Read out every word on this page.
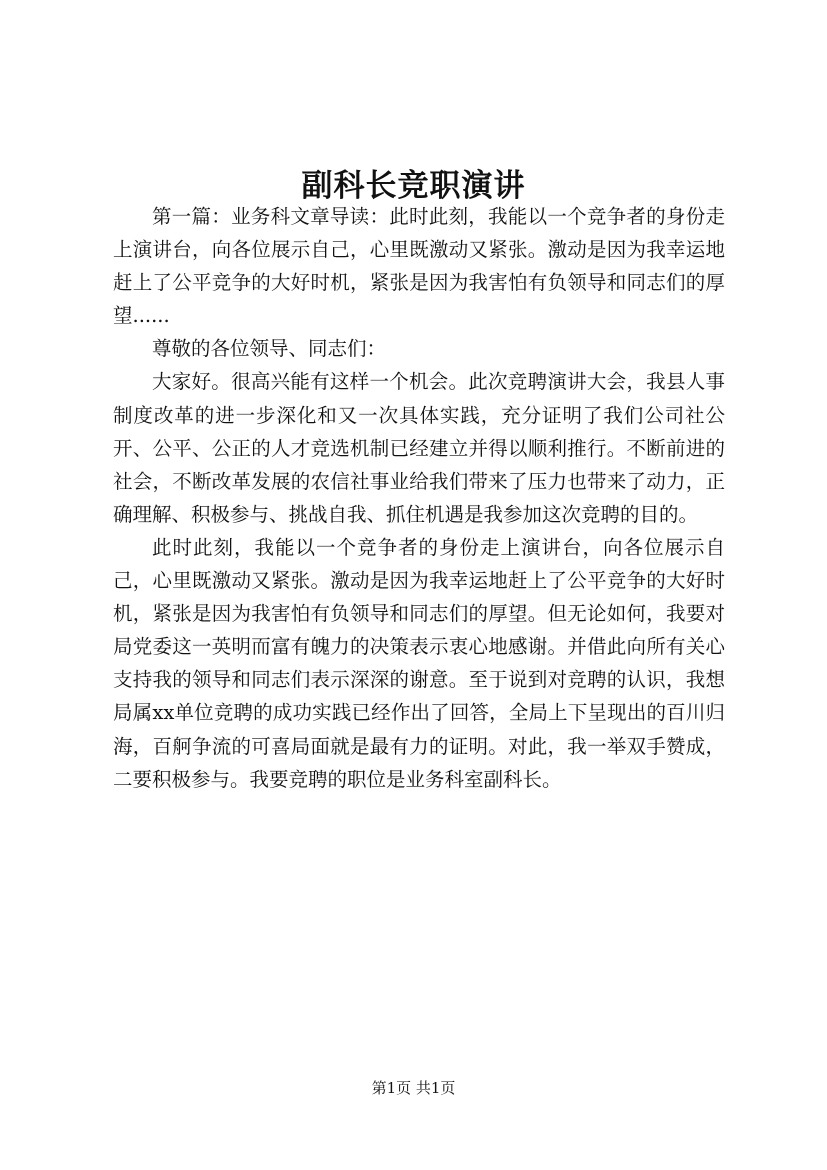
副科长竞职演讲

第一篇：业务科文章导读：此时此刻，我能以一个竞争者的身份走上演讲台，向各位展示自己，心里既激动又紧张。激动是因为我幸运地赶上了公平竞争的大好时机，紧张是因为我害怕有负领导和同志们的厚望......

尊敬的各位领导、同志们：

大家好。很高兴能有这样一个机会。此次竞聘演讲大会，我县人事制度改革的进一步深化和又一次具体实践，充分证明了我们公司社公开、公平、公正的人才竞选机制已经建立并得以顺利推行。不断前进的社会，不断改革发展的农信社事业给我们带来了压力也带来了动力，正确理解、积极参与、挑战自我、抓住机遇是我参加这次竞聘的目的。

此时此刻，我能以一个竞争者的身份走上演讲台，向各位展示自己，心里既激动又紧张。激动是因为我幸运地赶上了公平竞争的大好时机，紧张是因为我害怕有负领导和同志们的厚望。但无论如何，我要对局党委这一英明而富有魄力的决策表示衷心地感谢。并借此向所有关心支持我的领导和同志们表示深深的谢意。至于说到对竞聘的认识，我想局属xx单位竞聘的成功实践已经作出了回答，全局上下呈现出的百川归海，百舸争流的可喜局面就是最有力的证明。对此，我一举双手赞成，二要积极参与。我要竞聘的职位是业务科室副科长。

第1页 共1页
